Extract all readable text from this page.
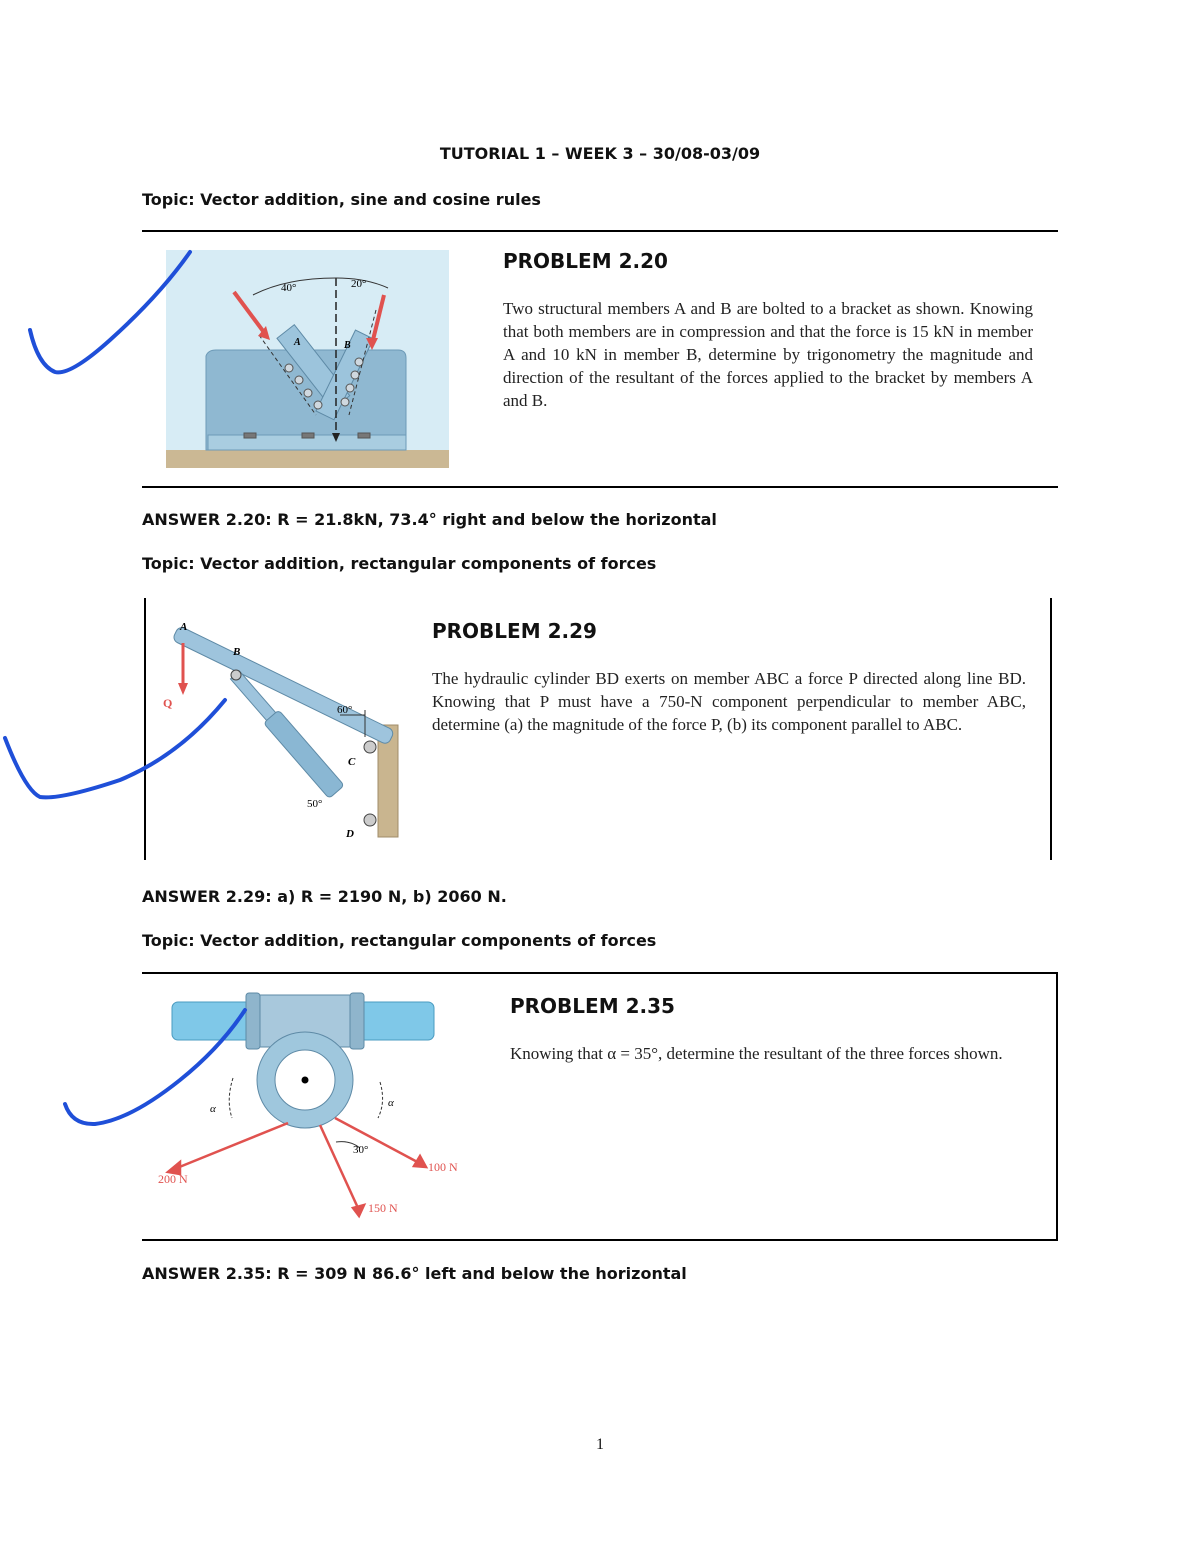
TUTORIAL 1 – WEEK 3 – 30/08-03/09
Topic: Vector addition, sine and cosine rules
40°	20°
A	B
PROBLEM 2.20
Two structural members A and B are bolted to a bracket as shown. Knowing that both members are in compression and that the force is 15 kN in member A and 10 kN in member B, determine by trigonometry the magnitude and direction of the resultant of the forces applied to the bracket by members A and B.
ANSWER 2.20: R = 21.8kN, 73.4° right and below the horizontal
Topic: Vector addition, rectangular components of forces
A
B
C
D
Q	60°
50°
PROBLEM 2.29
The hydraulic cylinder BD exerts on member ABC a force P directed along line BD. Knowing that P must have a 750-N component perpendicular to member ABC, determine (a) the magnitude of the force P, (b) its component parallel to ABC.
ANSWER 2.29: a) R = 2190 N, b) 2060 N.
Topic: Vector addition, rectangular components of forces
α	α
30°
200 N
150 N
100 N
PROBLEM 2.35
Knowing that α = 35°, determine the resultant of the three forces shown.
ANSWER 2.35: R = 309 N 86.6° left and below the horizontal
1
